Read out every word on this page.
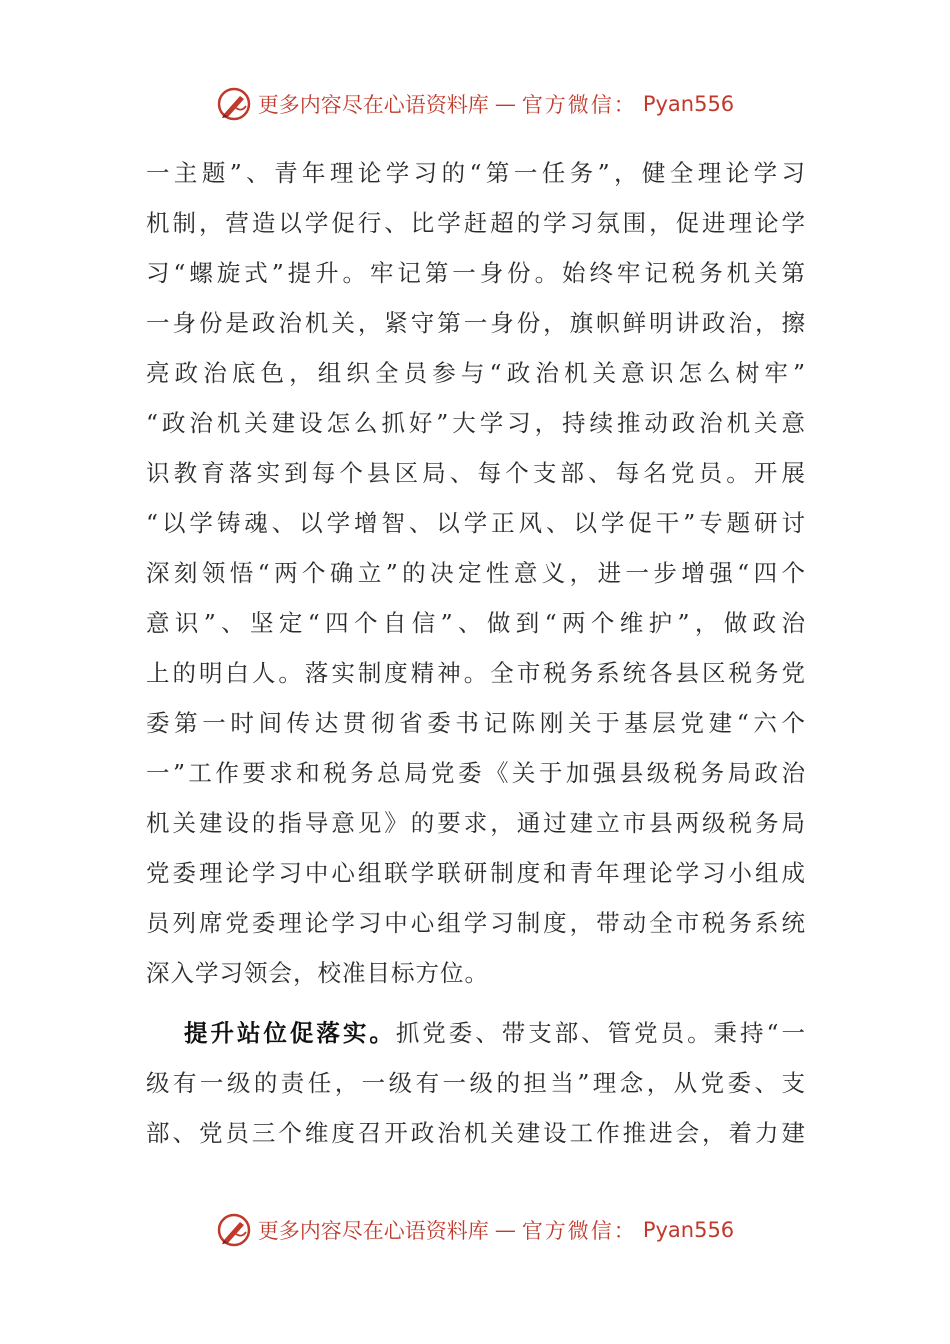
更多内容尽在心语资料库 — 官方微信： Pyan556
一主题”、青年理论学习的“第一任务”，健全理论学习
机制，营造以学促行、比学赶超的学习氛围，促进理论学
习“螺旋式”提升。牢记第一身份。始终牢记税务机关第
一身份是政治机关，紧守第一身份，旗帜鲜明讲政治，擦
亮政治底色，组织全员参与“政治机关意识怎么树牢”
“政治机关建设怎么抓好”大学习，持续推动政治机关意
识教育落实到每个县区局、每个支部、每名党员。开展
“以学铸魂、以学增智、以学正风、以学促干”专题研讨
深刻领悟“两个确立”的决定性意义，进一步增强“四个
意识”、坚定“四个自信”、做到“两个维护”，做政治
上的明白人。落实制度精神。全市税务系统各县区税务党
委第一时间传达贯彻省委书记陈刚关于基层党建“六个
一”工作要求和税务总局党委《关于加强县级税务局政治
机关建设的指导意见》的要求，通过建立市县两级税务局
党委理论学习中心组联学联研制度和青年理论学习小组成
员列席党委理论学习中心组学习制度，带动全市税务系统
深入学习领会，校准目标方位。
提升站位促落实。抓党委、带支部、管党员。秉持“一
级有一级的责任，一级有一级的担当”理念，从党委、支
部、党员三个维度召开政治机关建设工作推进会，着力建
更多内容尽在心语资料库 — 官方微信： Pyan556
